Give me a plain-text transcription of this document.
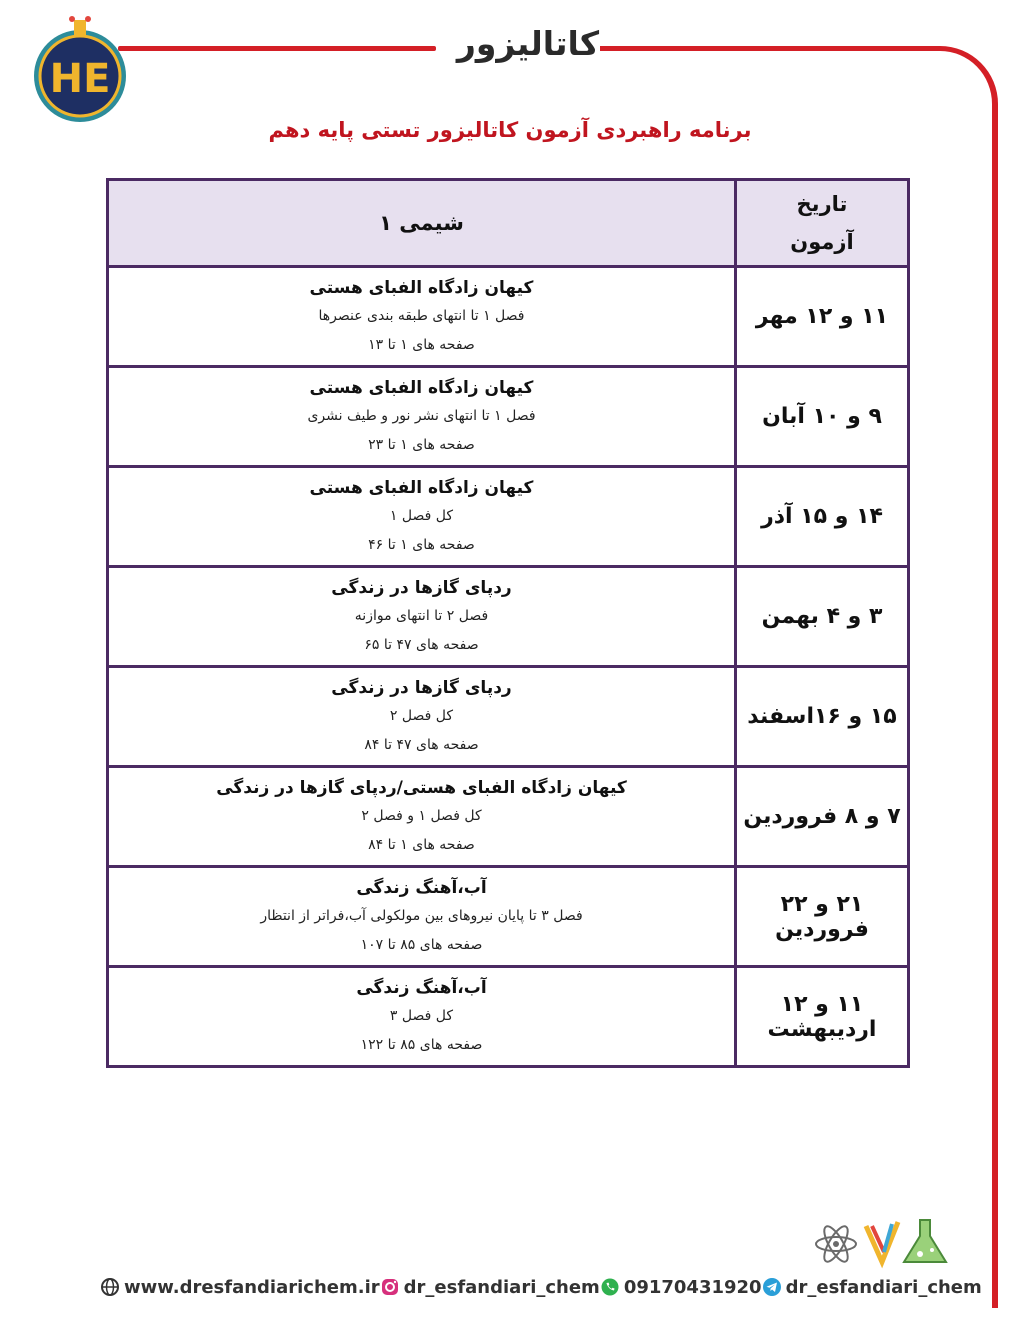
HE
کاتالیزور
برنامه راهبردی آزمون کاتالیزور تستی پایه دهم
تاریخ
آزمون	شیمی ۱
۱۱ و ۱۲ مهر	کیهان زادگاه الفبای هستی
فصل ۱ تا انتهای طبقه بندی عنصرها
صفحه های ۱ تا ۱۳

۹ و ۱۰ آبان	کیهان زادگاه الفبای هستی
فصل ۱ تا انتهای نشر نور و طیف نشری
صفحه های ۱ تا ۲۳

۱۴ و ۱۵ آذر	کیهان زادگاه الفبای هستی
کل فصل ۱
صفحه های ۱ تا ۴۶

۳ و ۴ بهمن	ردپای گازها در زندگی
فصل ۲ تا انتهای موازنه
صفحه های ۴۷ تا ۶۵

۱۵ و ۱۶اسفند	ردپای گازها در زندگی
کل فصل ۲
صفحه های ۴۷ تا ۸۴

۷ و ۸ فروردین	کیهان زادگاه الفبای هستی/ردپای گازها در زندگی
کل فصل ۱ و فصل ۲
صفحه های ۱ تا ۸۴

۲۱ و ۲۲ فروردین	آب،آهنگ زندگی
فصل ۳ تا پایان نیروهای بین مولکولی آب،فراتر از انتظار
صفحه های ۸۵ تا ۱۰۷

۱۱ و ۱۲ اردیبهشت	آب،آهنگ زندگی
کل فصل ۳
صفحه های ۸۵ تا ۱۲۲
www.dresfandiarichem.ir dr_esfandiari_chem 09170431920 dr_esfandiari_chem
